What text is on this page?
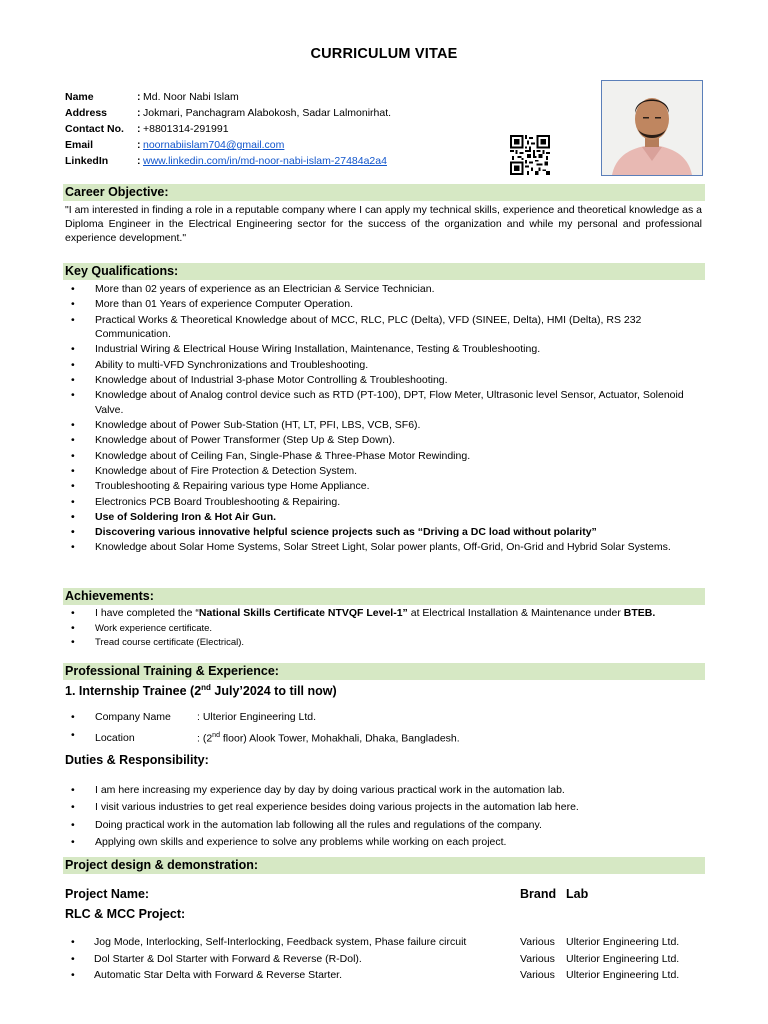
CURRICULUM VITAE
Name	: Md. Noor Nabi Islam
Address	: Jokmari, Panchagram Alabokosh, Sadar Lalmonirhat.
Contact No. : +8801314-291991
Email	: noornabiislam704@gmail.com
LinkedIn	: www.linkedin.com/in/md-noor-nabi-islam-27484a2a4
Career Objective:
"I am interested in finding a role in a reputable company where I can apply my technical skills, experience and theoretical knowledge as a Diploma Engineer in the Electrical Engineering sector for the success of the organization and while my personal and professional experience development."
Key Qualifications:
• More than 02 years of experience as an Electrician & Service Technician.
• More than 01 Years of experience Computer Operation.
• Practical Works & Theoretical Knowledge about of MCC, RLC, PLC (Delta), VFD (SINEE, Delta), HMI (Delta), RS 232 Communication.
• Industrial Wiring & Electrical House Wiring Installation, Maintenance, Testing & Troubleshooting.
• Ability to multi-VFD Synchronizations and Troubleshooting.
• Knowledge about of Industrial 3-phase Motor Controlling & Troubleshooting.
• Knowledge about of Analog control device such as RTD (PT-100), DPT, Flow Meter, Ultrasonic level Sensor, Actuator, Solenoid Valve.
• Knowledge about of Power Sub-Station (HT, LT, PFI, LBS, VCB, SF6).
• Knowledge about of Power Transformer (Step Up & Step Down).
• Knowledge about of Ceiling Fan, Single-Phase & Three-Phase Motor Rewinding.
• Knowledge about of Fire Protection & Detection System.
• Troubleshooting & Repairing various type Home Appliance.
• Electronics PCB Board Troubleshooting & Repairing.
• Use of Soldering Iron & Hot Air Gun.
• Discovering various innovative helpful science projects such as “Driving a DC load without polarity”
• Knowledge about Solar Home Systems, Solar Street Light, Solar power plants, Off-Grid, On-Grid and Hybrid Solar Systems.
Achievements:
• I have completed the “National Skills Certificate NTVQF Level-1” at Electrical Installation & Maintenance under BTEB.
• Work experience certificate.
• Tread course certificate (Electrical).
Professional Training & Experience:
1. Internship Trainee (2nd July’2024 to till now)
• Company Name : Ulterior Engineering Ltd.
• Location	: (2nd floor) Alook Tower, Mohakhali, Dhaka, Bangladesh.
Duties & Responsibility:
• I am here increasing my experience day by day by doing various practical work in the automation lab.
• I visit various industries to get real experience besides doing various projects in the automation lab here.
• Doing practical work in the automation lab following all the rules and regulations of the company.
• Applying own skills and experience to solve any problems while working on each project.
Project design & demonstration:
Project Name:	Brand Lab
RLC & MCC Project:
• Jog Mode, Interlocking, Self-Interlocking, Feedback system, Phase failure circuit	Various Ulterior Engineering Ltd.
• Dol Starter & Dol Starter with Forward & Reverse (R-Dol).	Various Ulterior Engineering Ltd.
• Automatic Star Delta with Forward & Reverse Starter.	Various Ulterior Engineering Ltd.
